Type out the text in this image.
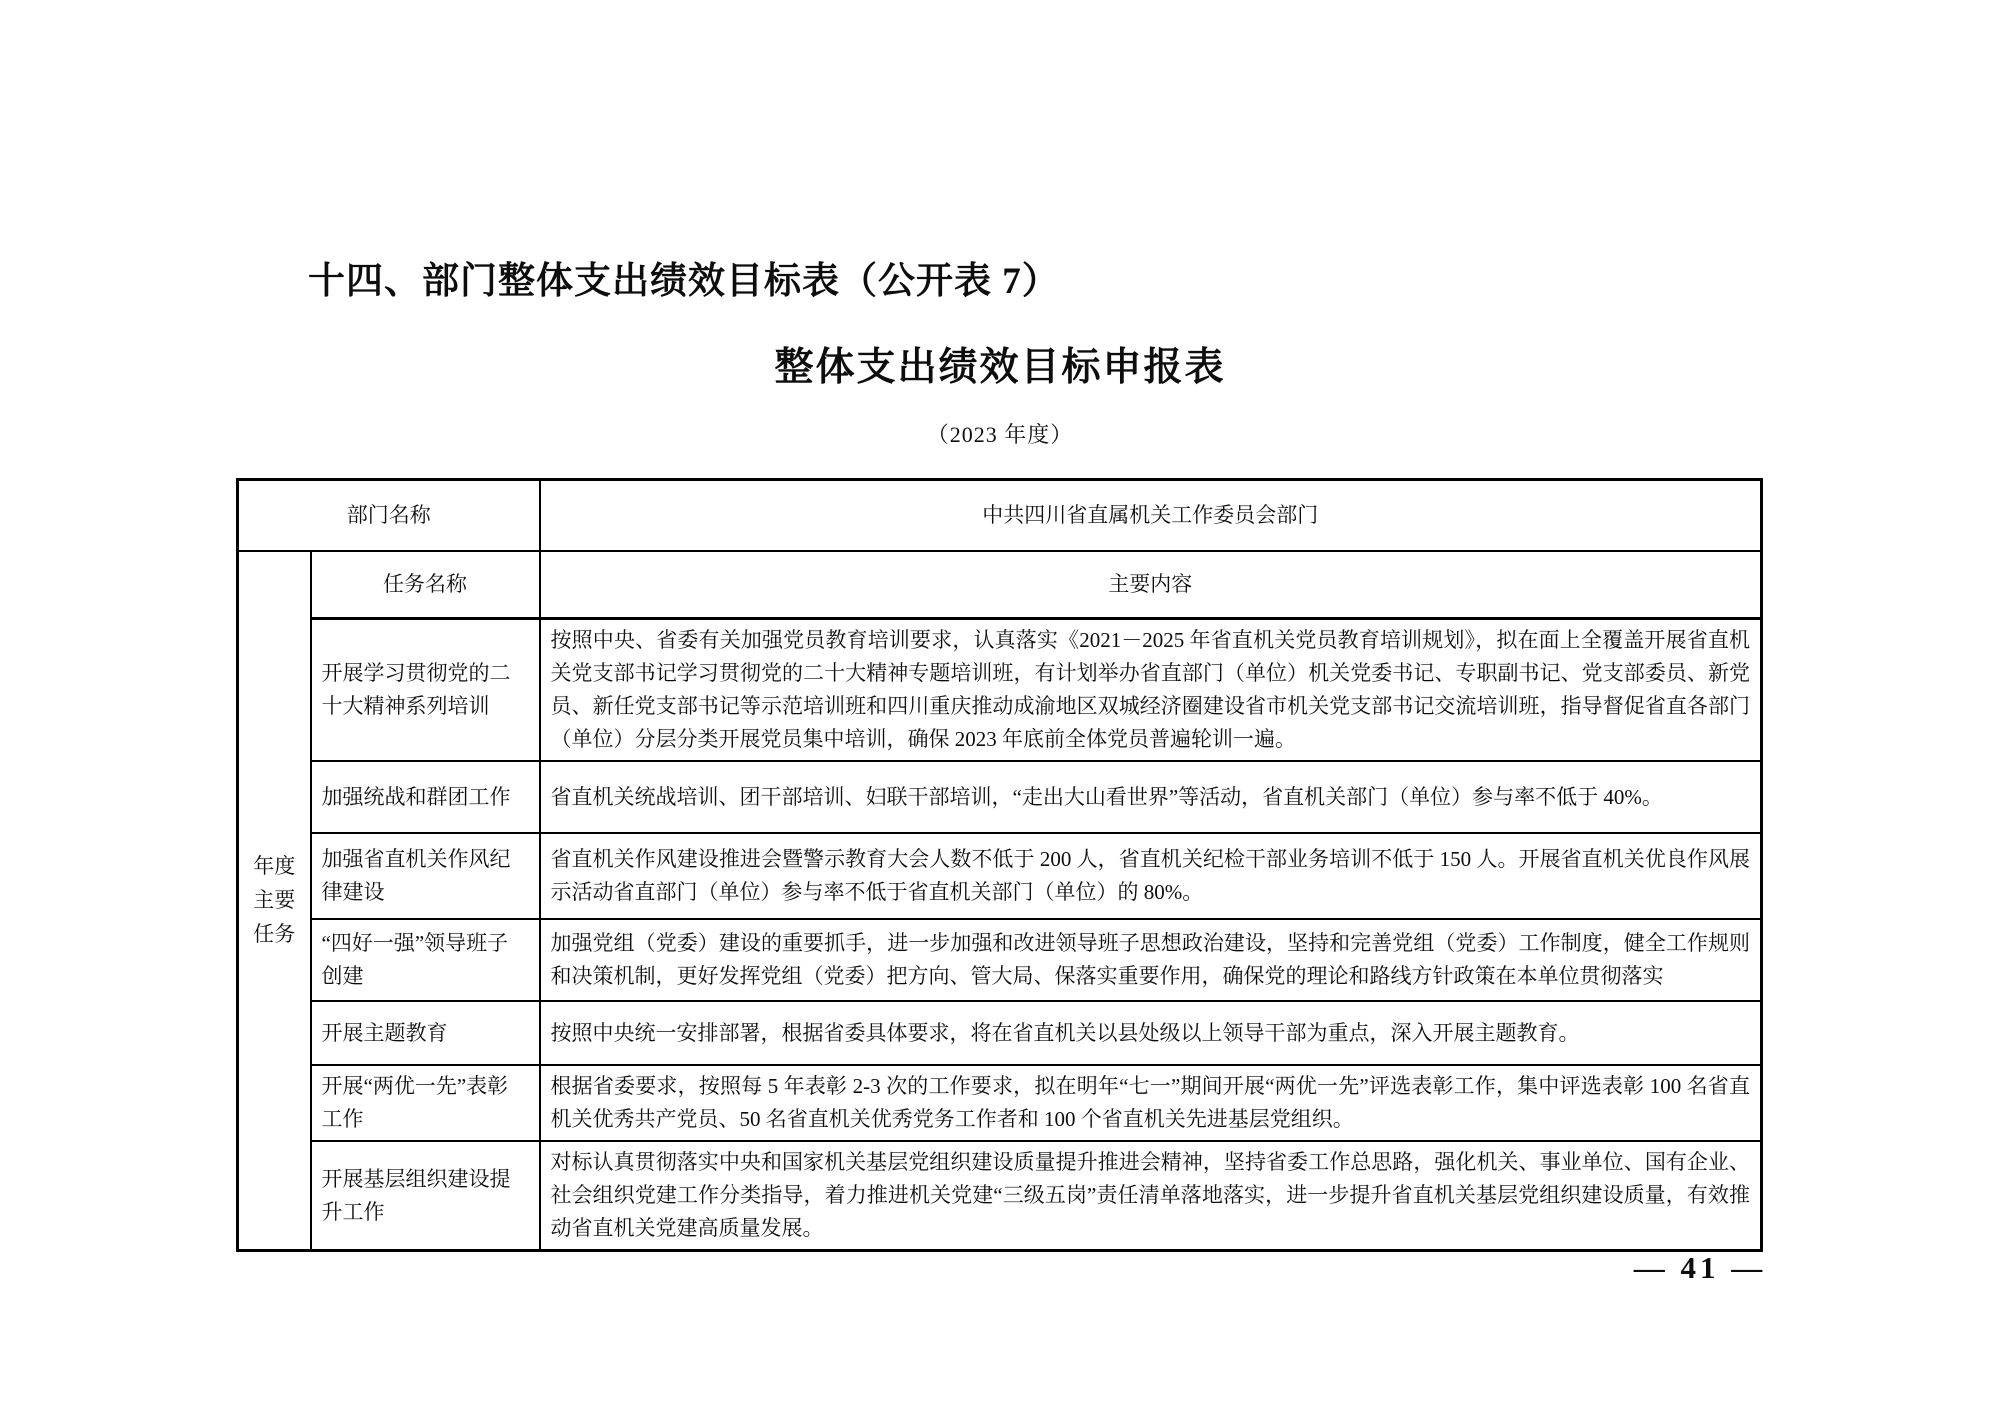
十四、部门整体支出绩效目标表（公开表 7）
整体支出绩效目标申报表
（2023 年度）
部门名称		中共四川省直属机关工作委员会部门

年度
主要
任务	任务名称	主要内容
	开展学习贯彻党的二十大精神系列培训	按照中央、省委有关加强党员教育培训要求，认真落实《2021－2025 年省直机关党员教育培训规划》，拟在面上全覆盖开展省直机关党支部书记学习贯彻党的二十大精神专题培训班，有计划举办省直部门（单位）机关党委书记、专职副书记、党支部委员、新党员、新任党支部书记等示范培训班和四川重庆推动成渝地区双城经济圈建设省市机关党支部书记交流培训班，指导督促省直各部门（单位）分层分类开展党员集中培训，确保 2023 年底前全体党员普遍轮训一遍。
	加强统战和群团工作	省直机关统战培训、团干部培训、妇联干部培训，“走出大山看世界”等活动，省直机关部门（单位）参与率不低于 40%。
	加强省直机关作风纪律建设	省直机关作风建设推进会暨警示教育大会人数不低于 200 人，省直机关纪检干部业务培训不低于 150 人。开展省直机关优良作风展示活动省直部门（单位）参与率不低于省直机关部门（单位）的 80%。
	“四好一强”领导班子创建	加强党组（党委）建设的重要抓手，进一步加强和改进领导班子思想政治建设，坚持和完善党组（党委）工作制度，健全工作规则和决策机制，更好发挥党组（党委）把方向、管大局、保落实重要作用，确保党的理论和路线方针政策在本单位贯彻落实
	开展主题教育	按照中央统一安排部署，根据省委具体要求，将在省直机关以县处级以上领导干部为重点，深入开展主题教育。
	开展“两优一先”表彰工作	根据省委要求，按照每 5 年表彰 2-3 次的工作要求，拟在明年“七一”期间开展“两优一先”评选表彰工作，集中评选表彰 100 名省直机关优秀共产党员、50 名省直机关优秀党务工作者和 100 个省直机关先进基层党组织。
	开展基层组织建设提升工作	对标认真贯彻落实中央和国家机关基层党组织建设质量提升推进会精神，坚持省委工作总思路，强化机关、事业单位、国有企业、社会组织党建工作分类指导，着力推进机关党建“三级五岗”责任清单落地落实，进一步提升省直机关基层党组织建设质量，有效推动省直机关党建高质量发展。
— 41 —
